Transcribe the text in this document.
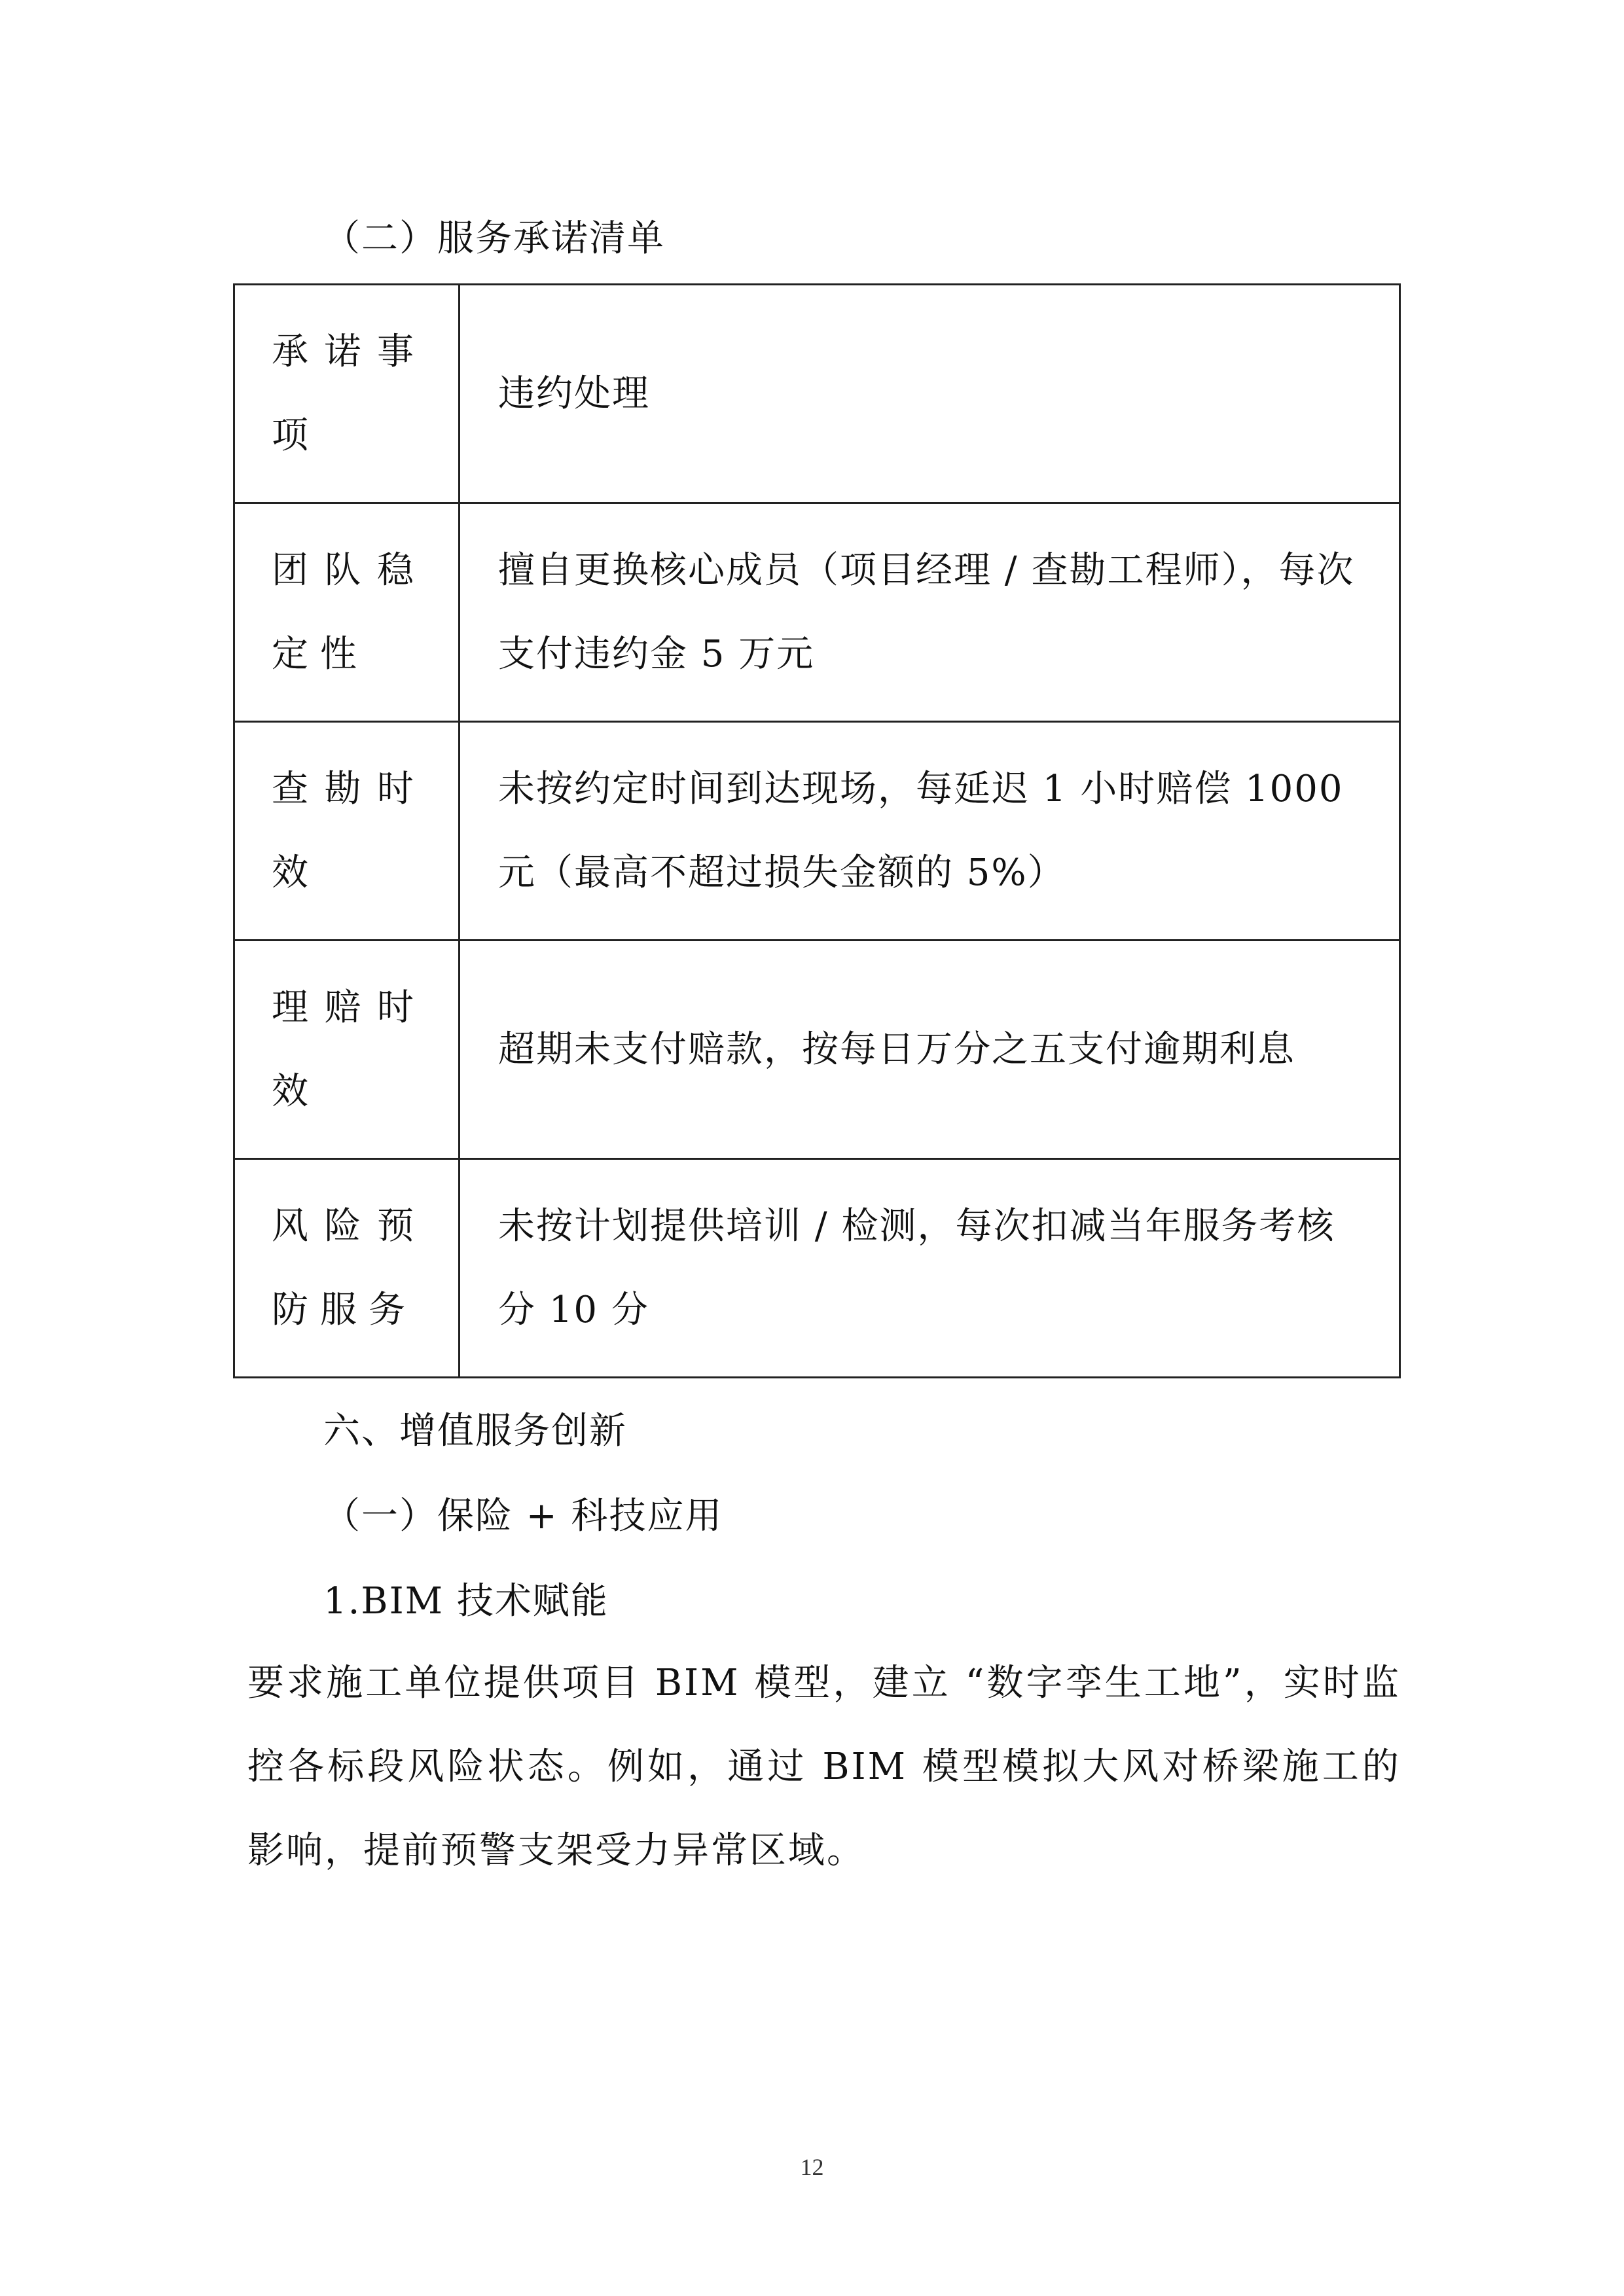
（二）服务承诺清单
承诺事项	违约处理
团队稳定性	擅自更换核心成员（项目经理 / 查勘工程师），每次支付违约金 5 万元
查勘时效	未按约定时间到达现场，每延迟 1 小时赔偿 1000 元（最高不超过损失金额的 5%）
理赔时效	超期未支付赔款，按每日万分之五支付逾期利息
风险预防服务	未按计划提供培训 / 检测，每次扣减当年服务考核分 10 分
六、增值服务创新
（一）保险 + 科技应用
1.BIM 技术赋能
要求施工单位提供项目 BIM 模型，建立 “数字孪生工地”，实时监控各标段风险状态。例如，通过 BIM 模型模拟大风对桥梁施工的影响，提前预警支架受力异常区域。
12
